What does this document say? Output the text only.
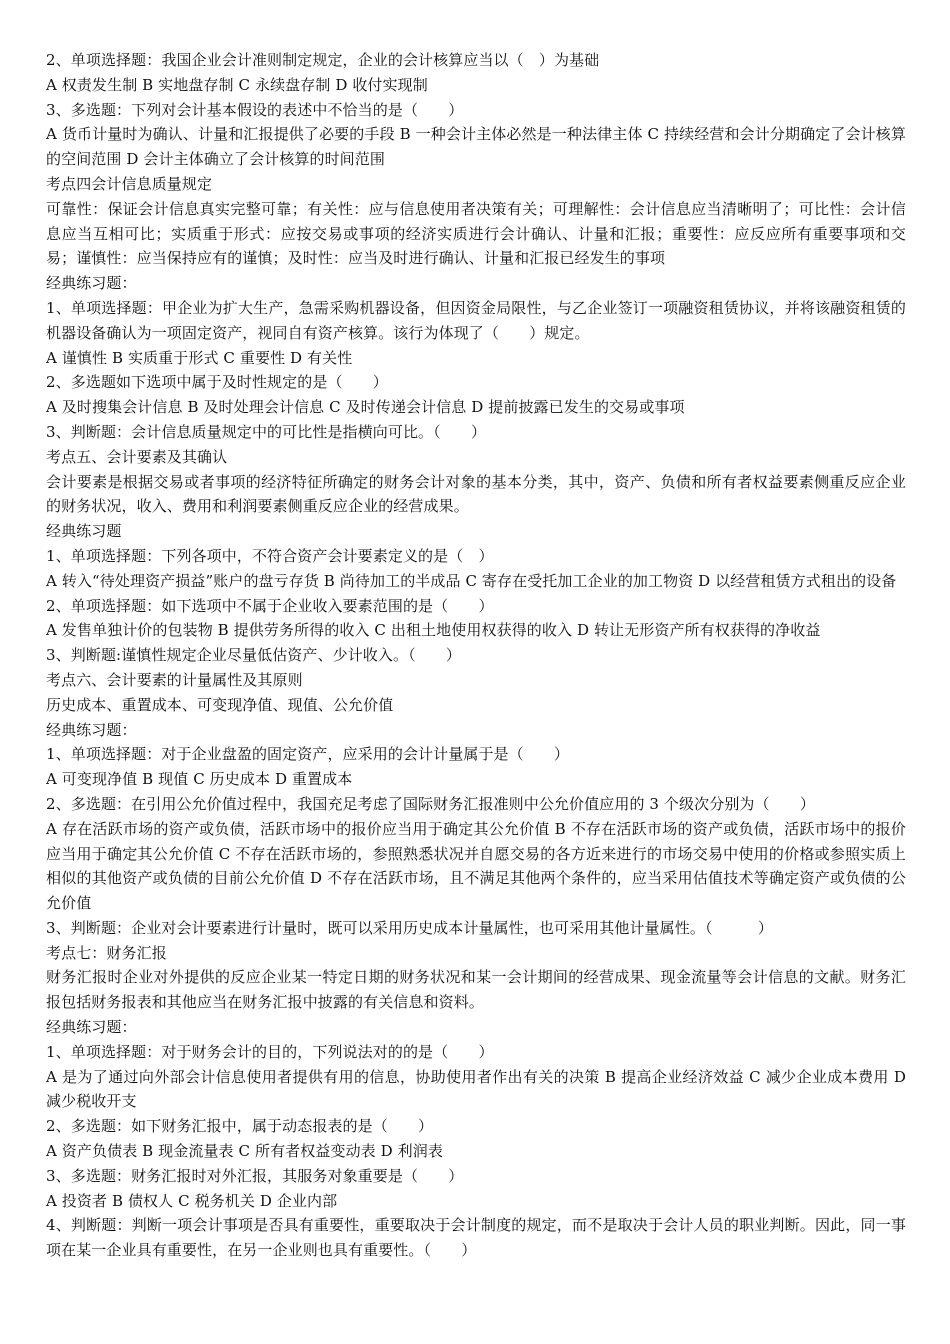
2、单项选择题：我国企业会计准则制定规定，企业的会计核算应当以（　）为基础

A 权责发生制 B 实地盘存制 C 永续盘存制 D 收付实现制

3、多选题：下列对会计基本假设的表述中不恰当的是（　　）

A 货币计量时为确认、计量和汇报提供了必要的手段 B 一种会计主体必然是一种法律主体 C 持续经营和会计分期确定了会计核算的空间范围 D 会计主体确立了会计核算的时间范围

考点四会计信息质量规定

可靠性：保证会计信息真实完整可靠；有关性：应与信息使用者决策有关；可理解性：会计信息应当清晰明了；可比性：会计信息应当互相可比；实质重于形式：应按交易或事项的经济实质进行会计确认、计量和汇报；重要性：应反应所有重要事项和交易；谨慎性：应当保持应有的谨慎；及时性：应当及时进行确认、计量和汇报已经发生的事项

经典练习题：

1、单项选择题：甲企业为扩大生产，急需采购机器设备，但因资金局限性，与乙企业签订一项融资租赁协议，并将该融资租赁的机器设备确认为一项固定资产，视同自有资产核算。该行为体现了（　　）规定。

A 谨慎性 B 实质重于形式 C 重要性 D 有关性

2、多选题如下选项中属于及时性规定的是（　　）

A 及时搜集会计信息 B 及时处理会计信息 C 及时传递会计信息 D 提前披露已发生的交易或事项

3、判断题：会计信息质量规定中的可比性是指横向可比。（　　）

考点五、会计要素及其确认

会计要素是根据交易或者事项的经济特征所确定的财务会计对象的基本分类，其中，资产、负债和所有者权益要素侧重反应企业的财务状况，收入、费用和利润要素侧重反应企业的经营成果。

经典练习题

1、单项选择题：下列各项中，不符合资产会计要素定义的是（　）

A 转入“待处理资产损益”账户的盘亏存货 B 尚待加工的半成品 C 寄存在受托加工企业的加工物资 D 以经营租赁方式租出的设备

2、单项选择题：如下选项中不属于企业收入要素范围的是（　　）

A 发售单独计价的包装物 B 提供劳务所得的收入 C 出租土地使用权获得的收入 D 转让无形资产所有权获得的净收益

3、判断题:谨慎性规定企业尽量低估资产、少计收入。（　　）

考点六、会计要素的计量属性及其原则

历史成本、重置成本、可变现净值、现值、公允价值

经典练习题：

1、单项选择题：对于企业盘盈的固定资产，应采用的会计计量属于是（　　）

A 可变现净值 B 现值 C 历史成本 D 重置成本

2、多选题：在引用公允价值过程中，我国充足考虑了国际财务汇报准则中公允价值应用的 3 个级次分别为（　　）

A 存在活跃市场的资产或负债，活跃市场中的报价应当用于确定其公允价值 B 不存在活跃市场的资产或负债，活跃市场中的报价应当用于确定其公允价值 C 不存在活跃市场的，参照熟悉状况并自愿交易的各方近来进行的市场交易中使用的价格或参照实质上相似的其他资产或负债的目前公允价值 D 不存在活跃市场，且不满足其他两个条件的，应当采用估值技术等确定资产或负债的公允价值

3、判断题：企业对会计要素进行计量时，既可以采用历史成本计量属性，也可采用其他计量属性。（　　　）

考点七：财务汇报

财务汇报时企业对外提供的反应企业某一特定日期的财务状况和某一会计期间的经营成果、现金流量等会计信息的文献。财务汇报包括财务报表和其他应当在财务汇报中披露的有关信息和资料。

经典练习题：

1、单项选择题：对于财务会计的目的，下列说法对的的是（　　）

A 是为了通过向外部会计信息使用者提供有用的信息，协助使用者作出有关的决策 B 提高企业经济效益 C 减少企业成本费用 D 减少税收开支

2、多选题：如下财务汇报中，属于动态报表的是（　　）

A 资产负债表 B 现金流量表 C 所有者权益变动表 D 利润表

3、多选题：财务汇报时对外汇报，其服务对象重要是（　　）

A 投资者 B 债权人 C 税务机关 D 企业内部

4、判断题：判断一项会计事项是否具有重要性，重要取决于会计制度的规定，而不是取决于会计人员的职业判断。因此，同一事项在某一企业具有重要性，在另一企业则也具有重要性。（　　）
